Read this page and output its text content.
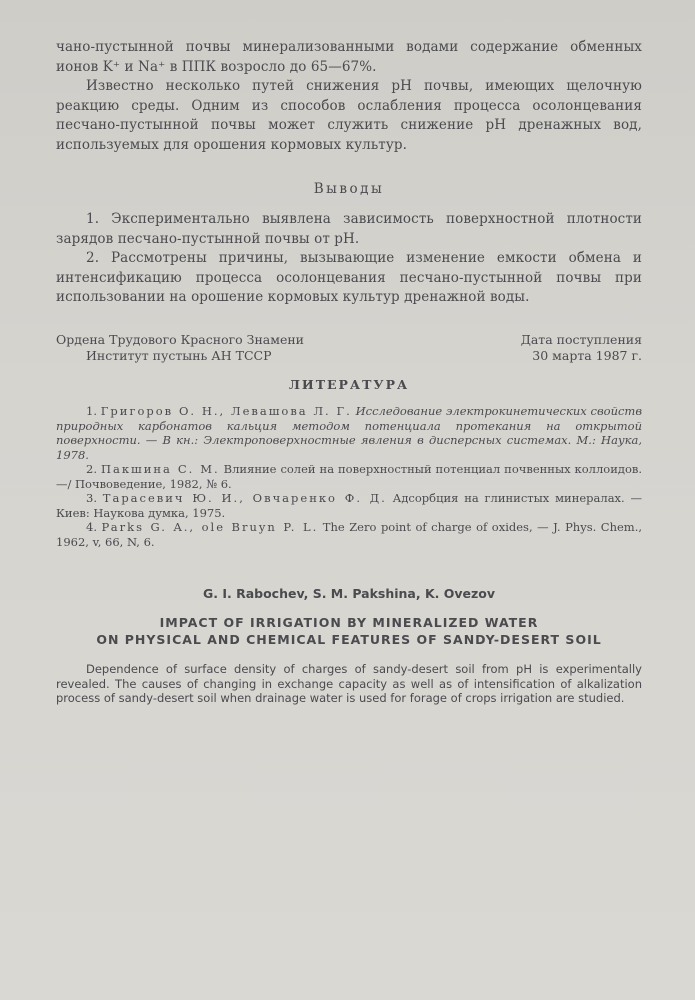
чано-пустынной почвы минерализованными водами содержание обменных ионов K⁺ и Na⁺ в ППК возросло до 65—67%.

Известно несколько путей снижения pH почвы, имеющих щелочную реакцию среды. Одним из способов ослабления процесса осолонцевания песчано-пустынной почвы может служить снижение pH дренажных вод, используемых для орошения кормовых культур.

Выводы

1. Экспериментально выявлена зависимость поверхностной плотности зарядов песчано-пустынной почвы от pH.

2. Рассмотрены причины, вызывающие изменение емкости обмена и интенсификацию процесса осолонцевания песчано-пустынной почвы при использовании на орошение кормовых культур дренажной воды.

Ордена Трудового Красного Знамени
Институт пустынь АН ТССР
Дата поступления
30 марта 1987 г.
ЛИТЕРАТУРА

1. Григоров О. Н., Левашова Л. Г. Исследование электрокинетических свойств природных карбонатов кальция методом потенциала протекания на открытой поверхности. — В кн.: Электроповерхностные явления в дисперсных системах. М.: Наука, 1978.

2. Пакшина С. М. Влияние солей на поверхностный потенциал почвенных коллоидов. —/ Почвоведение, 1982, № 6.

3. Тарасевич Ю. И., Овчаренко Ф. Д. Адсорбция на глинистых минералах. — Киев: Наукова думка, 1975.

4. Parks G. A., ole Bruyn P. L. The Zero point of charge of oxides, — J. Phys. Chem., 1962, v, 66, N, 6.

G. I. Rabochev, S. M. Pakshina, K. Ovezov
IMPACT OF IRRIGATION BY MINERALIZED WATER
ON PHYSICAL AND CHEMICAL FEATURES OF SANDY-DESERT SOIL
Dependence of surface density of charges of sandy-desert soil from pH is experimentally revealed. The causes of changing in exchange capacity as well as of intensification of alkalization process of sandy-desert soil when drainage water is used for forage of crops irrigation are studied.
